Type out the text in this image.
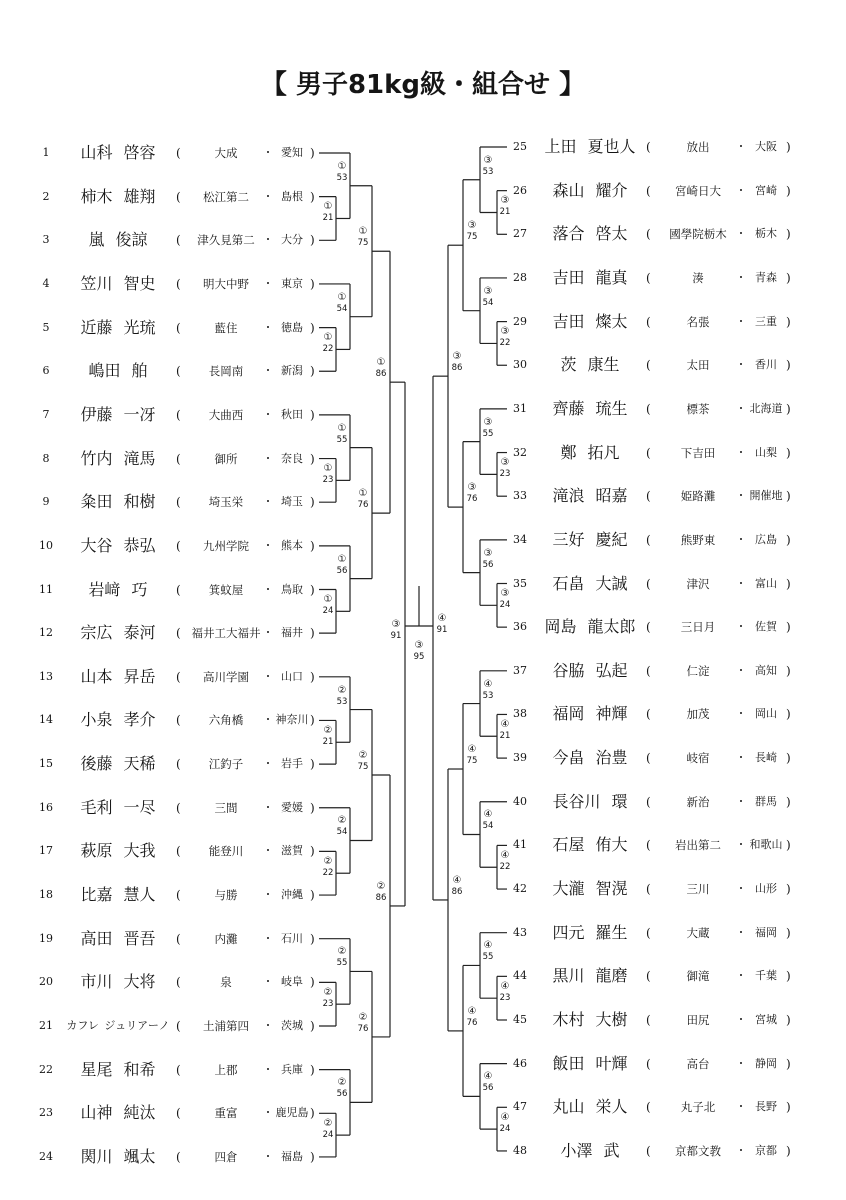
【 男子81kg級・組合せ 】
1	山科 啓容	(	大成	・ 愛知 )
2	柿木 雄翔	(	松江第二	・ 島根 )
3	嵐 俊諒	(	津久見第二 ・ 大分 )
4	笠川 智史	(	明大中野	・ 東京 )
5	近藤 光琉	(	藍住	・ 徳島 )
6	嶋田 舶	(	長岡南	・ 新潟 )
7	伊藤 一冴	(	大曲西	・ 秋田 )
8	竹内 滝馬	(	御所	・ 奈良 )
9	粂田 和樹	(	埼玉栄	・ 埼玉 )
10	大谷 恭弘	(	九州学院	・ 熊本 )
11	岩﨑 巧	(	箕蚊屋	・ 鳥取 )
12	宗広 泰河	( 福井工大福井 ・ 福井 )
13	山本 昇岳	(	高川学園	・ 山口 )
14	小泉 孝介	(	六角橋	・ 神奈川 )
15	後藤 天稀	(	江釣子	・ 岩手 )
16	毛利 一尽	(	三間	・ 愛媛 )
17	萩原 大我	(	能登川	・ 滋賀 )
18	比嘉 慧人	(	与勝	・ 沖縄 )
19	高田 晋吾	(	内灘	・ 石川 )
20	市川 大将	(	泉	・ 岐阜 )
21	カフレ ジュリアーノ (	土浦第四	・ 茨城 )
22	星尾 和希	(	上郡	・ 兵庫 )
23	山神 純汰	(	重富	・ 鹿児島 )
24	関川 颯太	(	四倉	・ 福島 )
25	上田 夏也人 (	放出	・ 大阪 )
26	森山 耀介	(	宮崎日大	・ 宮崎 )
27	落合 啓太	(	國學院栃木 ・ 栃木 )
28	吉田 龍真	(	湊	・ 青森 )
29	吉田 燦太	(	名張	・ 三重 )
30	茨 康生	(	太田	・ 香川 )
31	齊藤 琉生	(	標茶	・ 北海道 )
32	鄭 拓凡	(	下吉田	・ 山梨 )
33	滝浪 昭嘉	(	姫路灘	・ 開催地 )
34	三好 慶紀	(	熊野東	・ 広島 )
35	石畠 大誠	(	津沢	・ 富山 )
36	岡島 龍太郎 (	三日月	・ 佐賀 )
37	谷脇 弘起	(	仁淀	・ 高知 )
38	福岡 神輝	(	加茂	・ 岡山 )
39	今畠 治豊	(	岐宿	・ 長崎 )
40	長谷川 環	(	新治	・ 群馬 )
41	石屋 侑大	(	岩出第二	・ 和歌山 )
42	大瀧 智滉	(	三川	・ 山形 )
43	四元 羅生	(	大蔵	・ 福岡 )
44	黒川 龍磨	(	御滝	・ 千葉 )
45	木村 大樹	(	田尻	・ 宮城 )
46	飯田 叶輝	(	高台	・ 静岡 )
47	丸山 栄人	(	丸子北	・ 長野 )
48	小澤 武	(	京都文教	・ 京都 )
①
21
①
53
①
22
①
54
①
75
①
23
①
55
①
24
①
56
①
76
①
86
②
21
②
53
②
22
②
54
②
75
②
23
②
55
②
24
②
56
②
76
②
86
③
91
③
21
③
53
③
22
③
54
③
75
③
23
③
55
③
24
③
56
③
76
③
86
④
21
④
53
④
22
④
54
④
75
④
23
④
55
④
24
④
56
④
76
④
86
④
91
③
95
